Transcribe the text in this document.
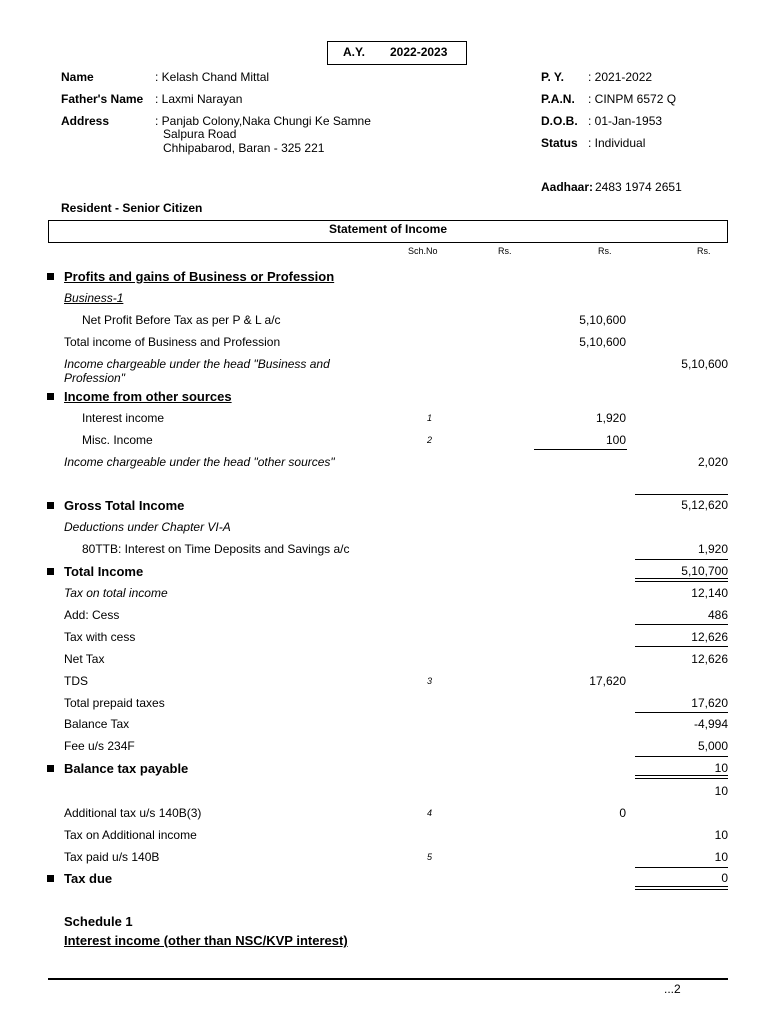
A.Y. 2022-2023
Name	: Kelash Chand Mittal
Father's Name : Laxmi Narayan
Address	: Panjab Colony,Naka Chungi Ke Samne
Salpura Road
Chhipabarod, Baran - 325 221
P. Y. : 2021-2022
P.A.N. : CINPM 6572 Q
D.O.B. : 01-Jan-1953
Status : Individual
Aadhaar: 2483 1974 2651
Resident - Senior Citizen
Statement of Income
Sch.No	Rs.	Rs.	Rs.
Profits and gains of Business or Profession
Business-1
Net Profit Before Tax as per P & L a/c	5,10,600
Total income of Business and Profession	5,10,600
Income chargeable under the head "Business and
Profession"
5,10,600
Income from other sources
Interest income	1	1,920
Misc. Income	2	100
Income chargeable under the head "other sources"	2,020
Gross Total Income	5,12,620
Deductions under Chapter VI-A
80TTB: Interest on Time Deposits and Savings a/c	1,920
Total Income	5,10,700
Tax on total income	12,140
Add: Cess	486
Tax with cess	12,626
Net Tax	12,626
TDS	3	17,620
Total prepaid taxes	17,620
Balance Tax	-4,994
Fee u/s 234F	5,000
Balance tax payable	10
10
Additional tax u/s 140B(3)	4	0
Tax on Additional income	10
Tax paid u/s 140B	5	10
Tax due	0
Schedule 1
Interest income (other than NSC/KVP interest)
...2
